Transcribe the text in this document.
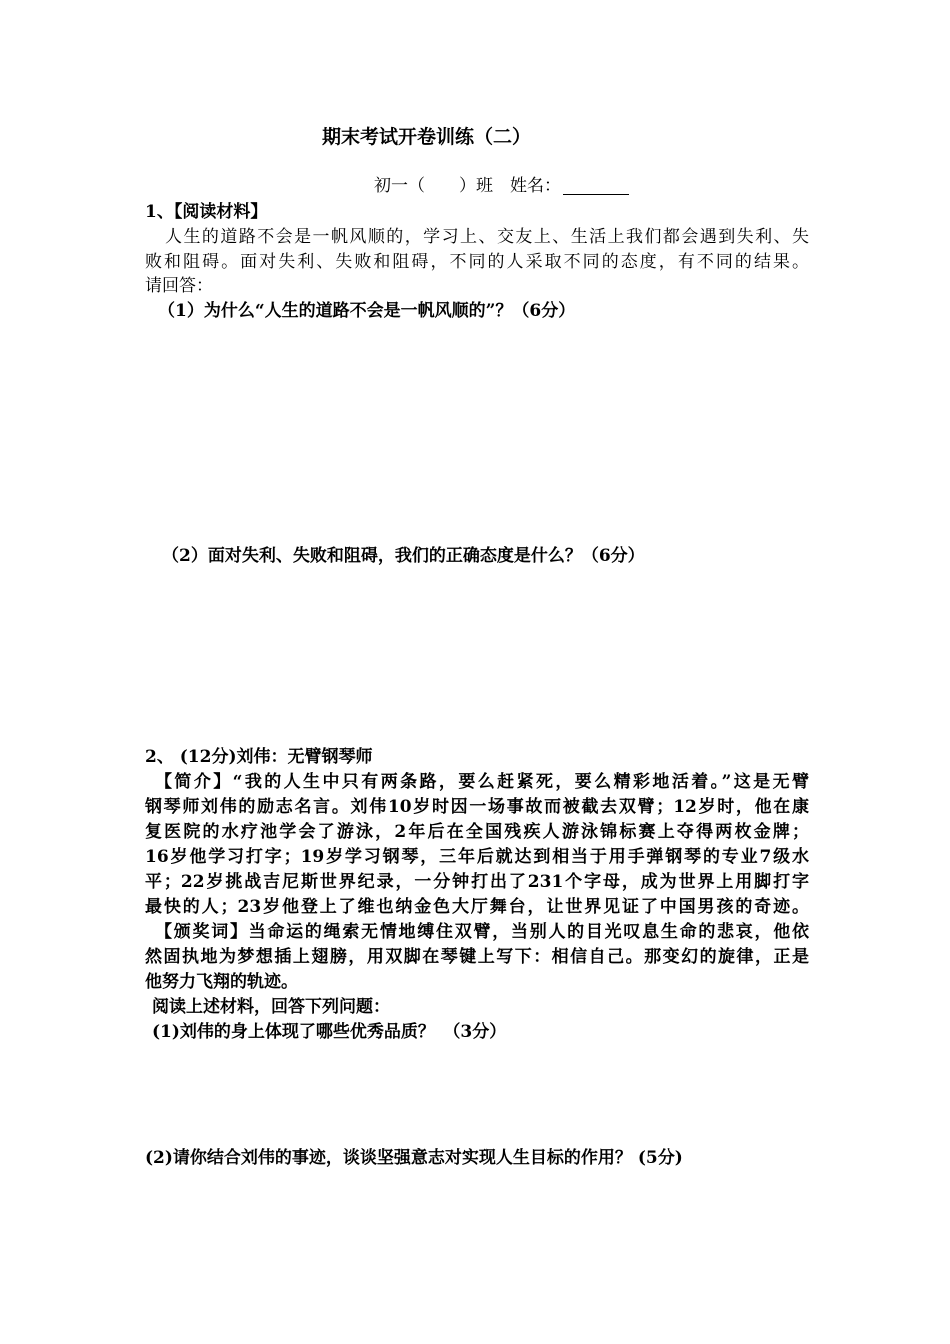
期末考试开卷训练（二）
初一（　　）班　姓名：
1、【阅读材料】
人生的道路不会是一帆风顺的，学习上、交友上、生活上我们都会遇到失利、失
败和阻碍。面对失利、失败和阻碍，不同的人采取不同的态度，有不同的结果。
请回答：
（1）为什么“人生的道路不会是一帆风顺的”？（6分）
（2）面对失利、失败和阻碍，我们的正确态度是什么？（6分）
2、 (12分)刘伟：无臂钢琴师
【简介】“我的人生中只有两条路，要么赶紧死，要么精彩地活着。”这是无臂
钢琴师刘伟的励志名言。刘伟10岁时因一场事故而被截去双臂；12岁时，他在康
复医院的水疗池学会了游泳，2年后在全国残疾人游泳锦标赛上夺得两枚金牌；
16岁他学习打字；19岁学习钢琴，三年后就达到相当于用手弹钢琴的专业7级水
平；22岁挑战吉尼斯世界纪录，一分钟打出了231个字母，成为世界上用脚打字
最快的人；23岁他登上了维也纳金色大厅舞台，让世界见证了中国男孩的奇迹。
【颁奖词】当命运的绳索无情地缚住双臂，当别人的目光叹息生命的悲哀，他依
然固执地为梦想插上翅膀，用双脚在琴键上写下：相信自己。那变幻的旋律，正是
他努力飞翔的轨迹。
阅读上述材料，回答下列问题：
(1)刘伟的身上体现了哪些优秀品质？　（3分）
(2)请你结合刘伟的事迹，谈谈坚强意志对实现人生目标的作用？ (5分)
